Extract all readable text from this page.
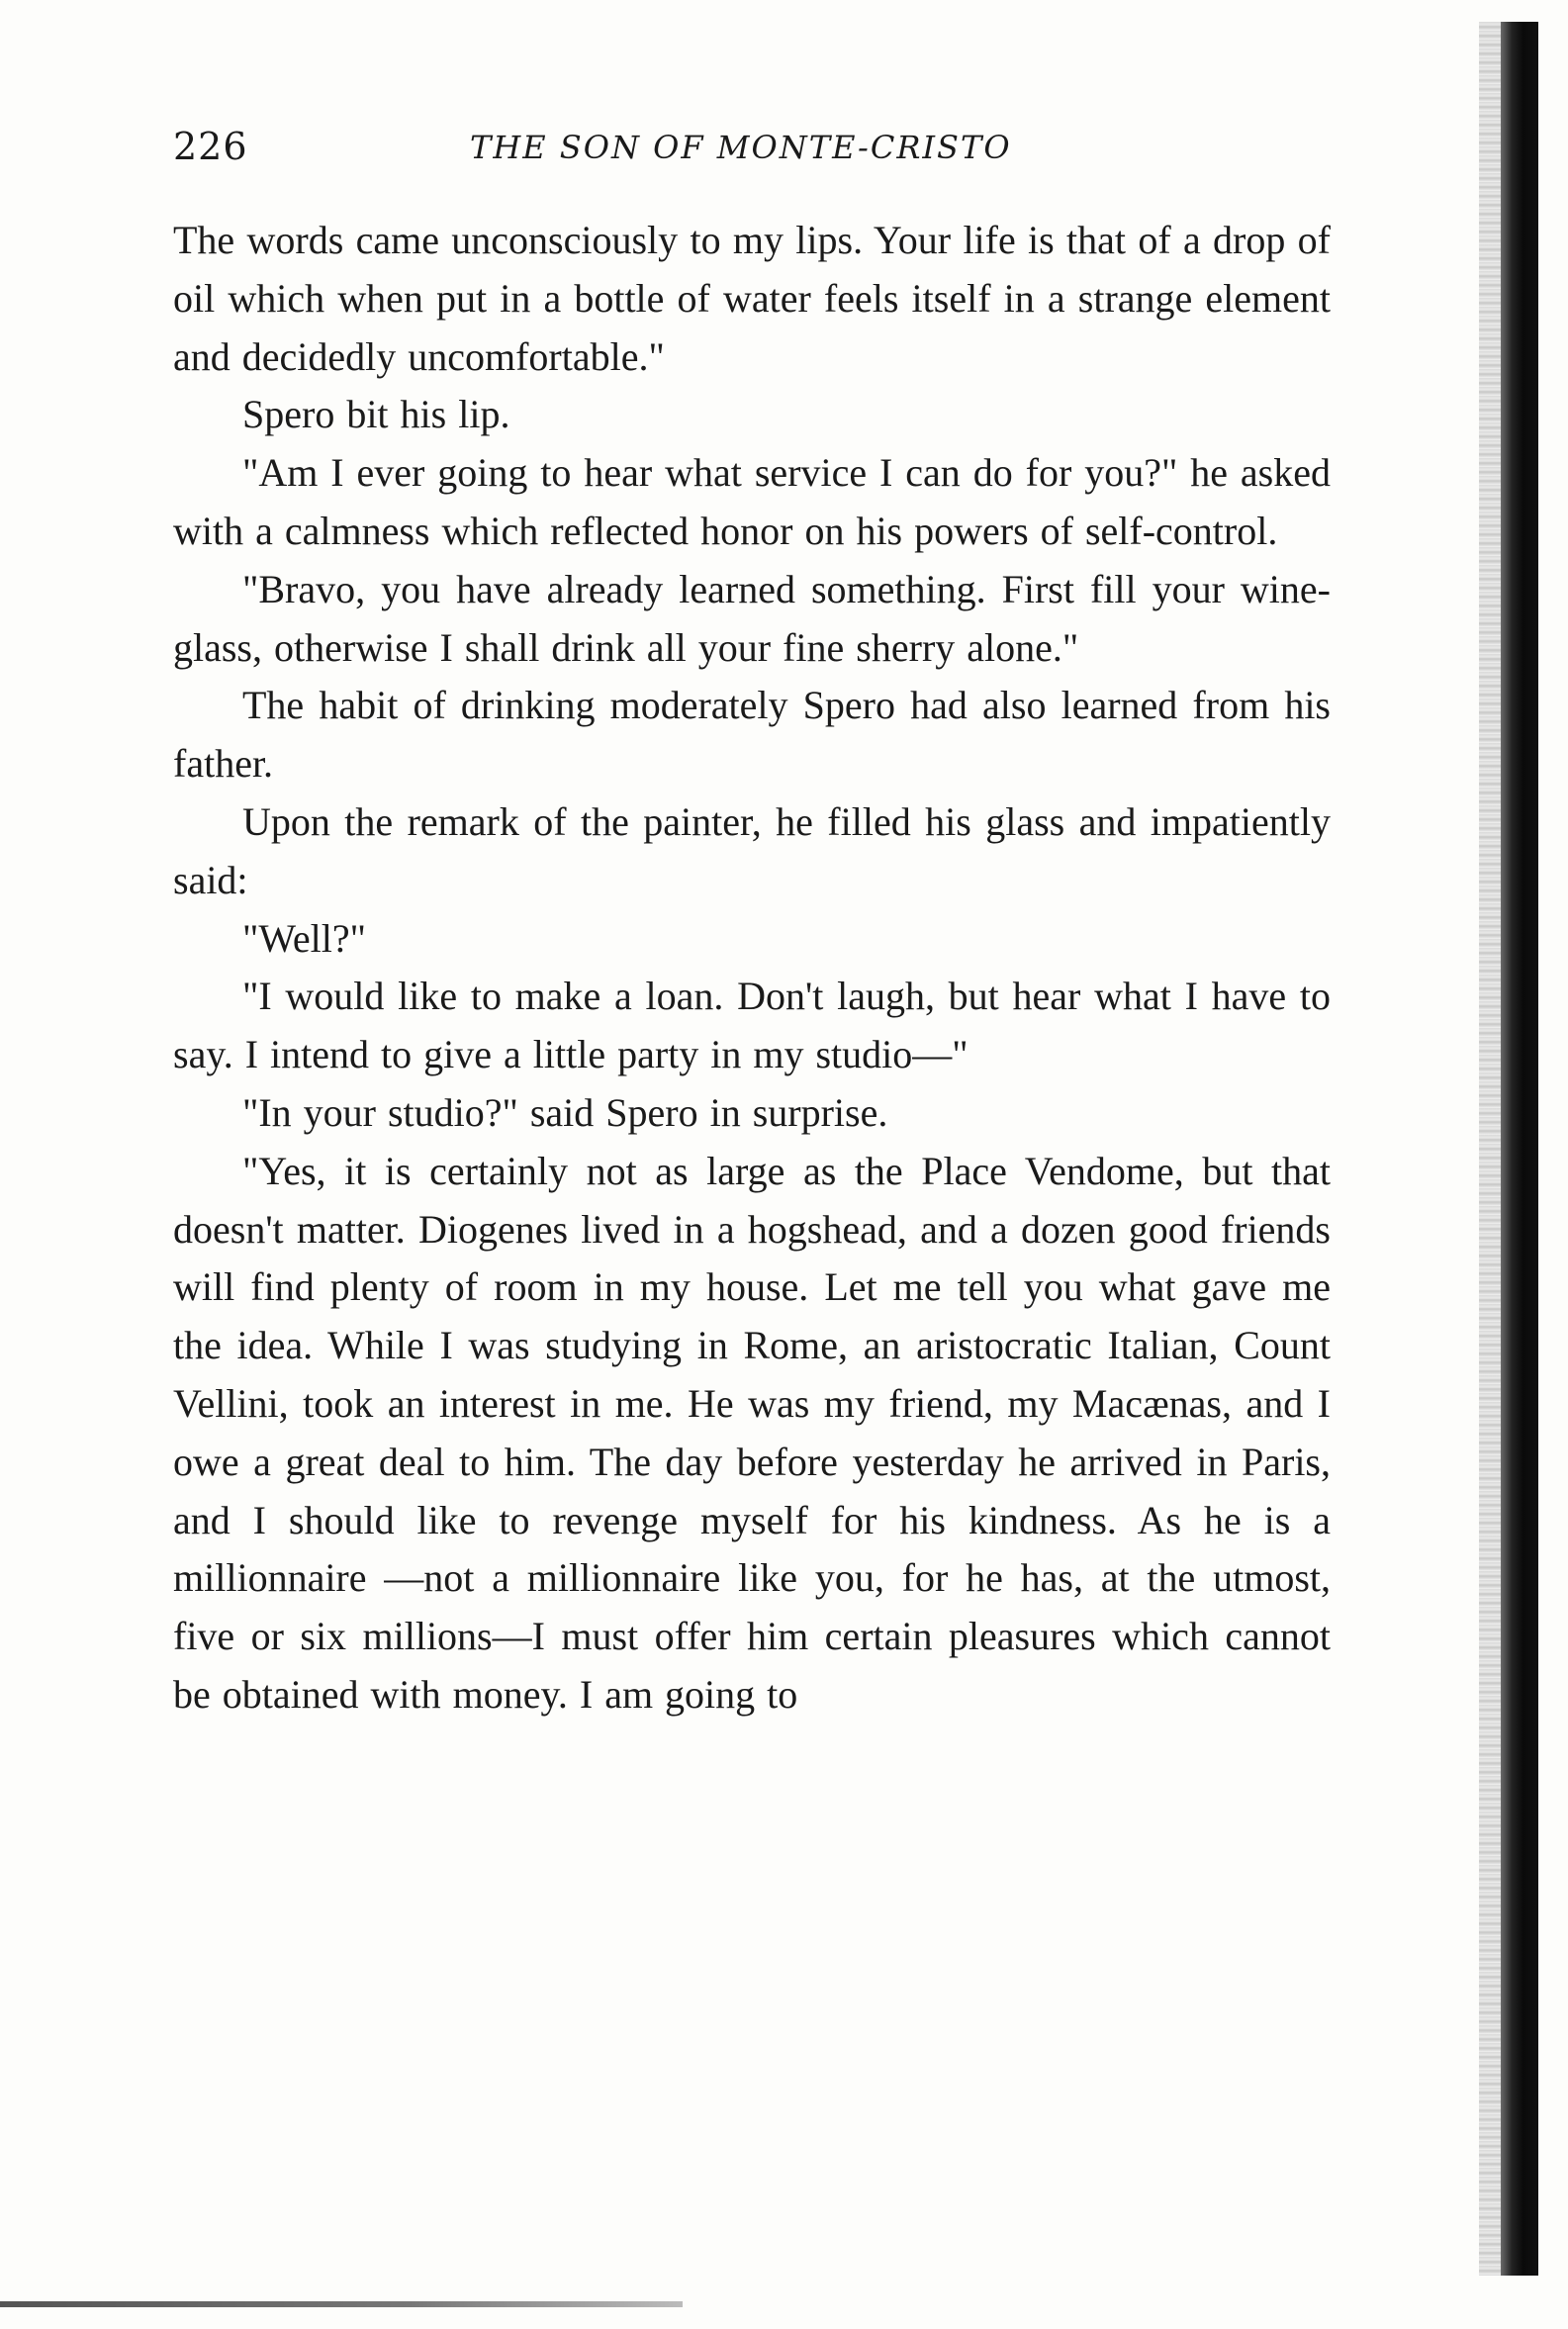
226	THE SON OF MONTE-CRISTO

The words came unconsciously to my lips. Your life is that of a drop of oil which when put in a bottle of water feels itself in a strange element and decidedly uncomfortable."

Spero bit his lip.

"Am I ever going to hear what service I can do for you?" he asked with a calmness which reflected honor on his powers of self-control.

"Bravo, you have already learned something. First fill your wine-glass, otherwise I shall drink all your fine sherry alone."

The habit of drinking moderately Spero had also learned from his father.

Upon the remark of the painter, he filled his glass and impatiently said:

"Well?"

"I would like to make a loan. Don't laugh, but hear what I have to say. I intend to give a little party in my studio—"

"In your studio?" said Spero in surprise.

"Yes, it is certainly not as large as the Place Vendome, but that doesn't matter. Diogenes lived in a hogshead, and a dozen good friends will find plenty of room in my house. Let me tell you what gave me the idea. While I was studying in Rome, an aristocratic Italian, Count Vellini, took an interest in me. He was my friend, my Macænas, and I owe a great deal to him. The day before yesterday he arrived in Paris, and I should like to revenge myself for his kindness. As he is a millionnaire —not a millionnaire like you, for he has, at the utmost, five or six millions—I must offer him certain pleasures which cannot be obtained with money. I am going to
